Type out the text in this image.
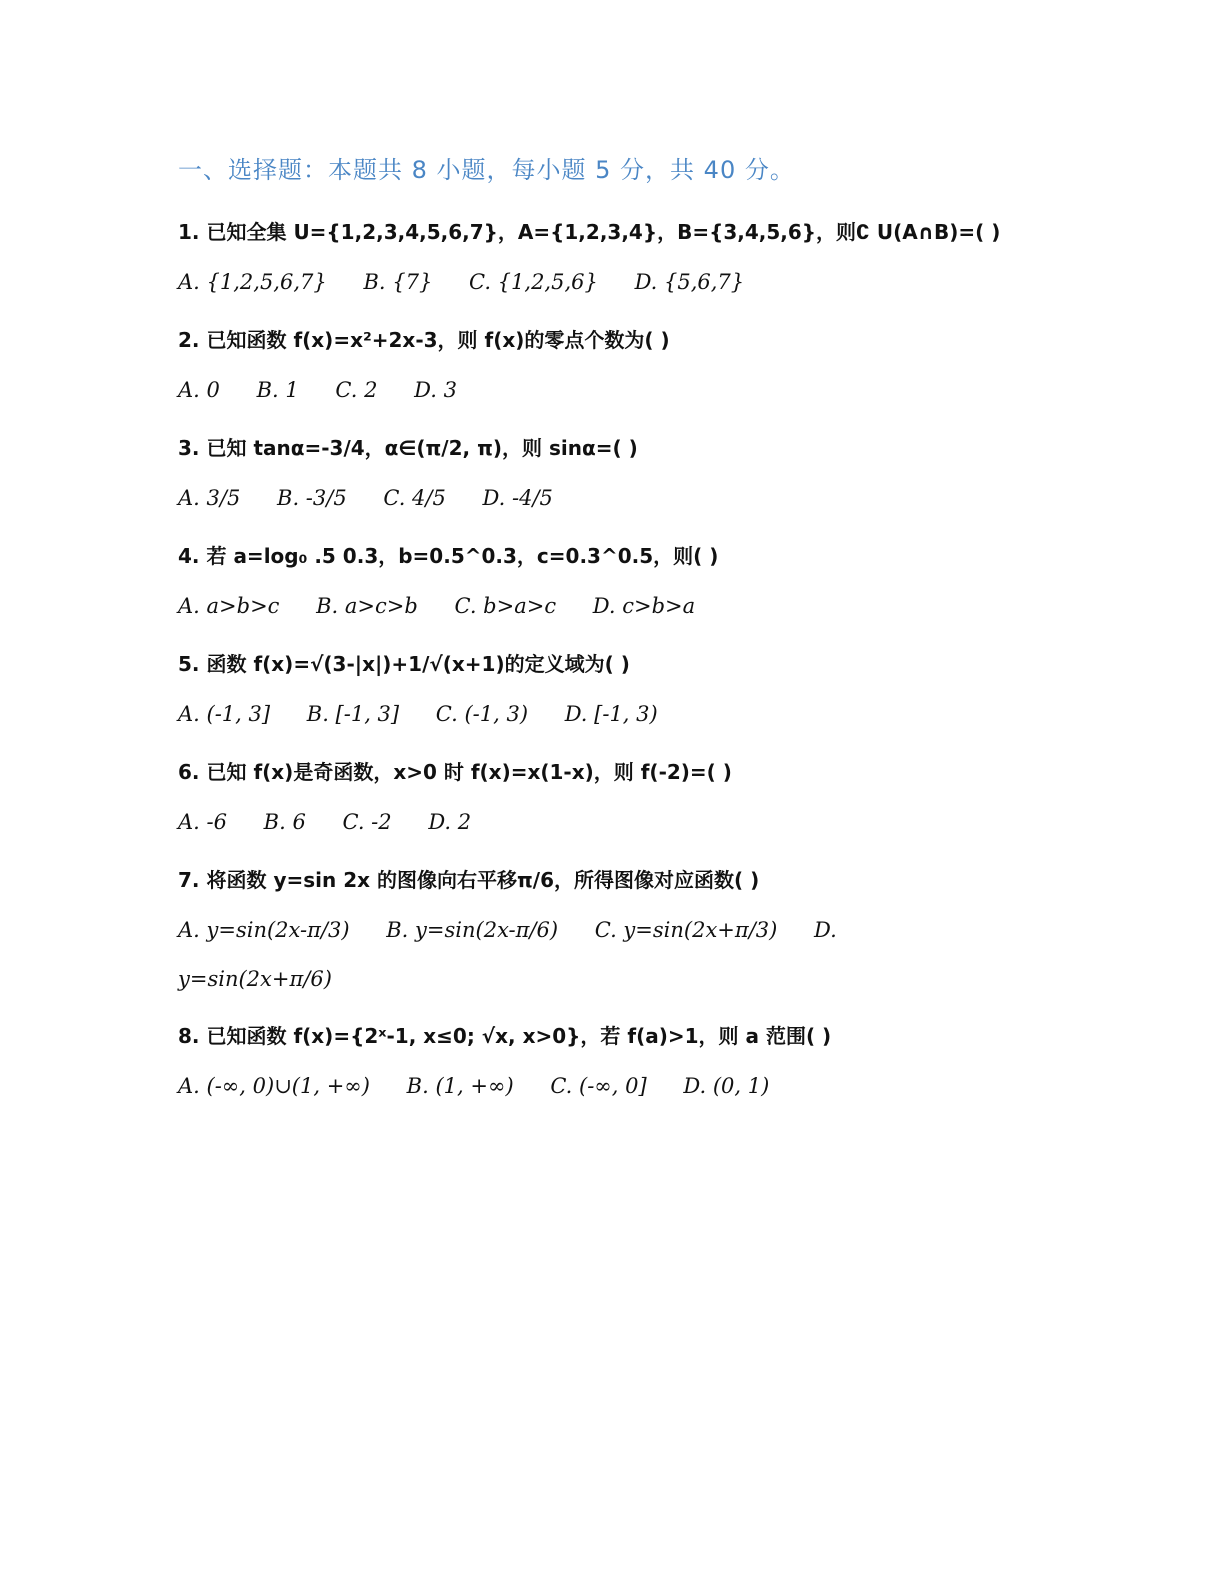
一、选择题：本题共 8 小题，每小题 5 分，共 40 分。
1. 已知全集 U={1,2,3,4,5,6,7}，A={1,2,3,4}，B={3,4,5,6}，则∁ U(A∩B)=( )
A. {1,2,5,6,7} B. {7} C. {1,2,5,6} D. {5,6,7}
2. 已知函数 f(x)=x²+2x-3，则 f(x)的零点个数为( )
A. 0 B. 1 C. 2 D. 3
3. 已知 tanα=-3/4，α∈(π/2, π)，则 sinα=( )
A. 3/5 B. -3/5 C. 4/5 D. -4/5
4. 若 a=log₀ .5 0.3，b=0.5^0.3，c=0.3^0.5，则( )
A. a>b>c B. a>c>b C. b>a>c D. c>b>a
5. 函数 f(x)=√(3-|x|)+1/√(x+1)的定义域为( )
A. (-1, 3] B. [-1, 3] C. (-1, 3) D. [-1, 3)
6. 已知 f(x)是奇函数，x>0 时 f(x)=x(1-x)，则 f(-2)=( )
A. -6 B. 6 C. -2 D. 2
7. 将函数 y=sin 2x 的图像向右平移π/6，所得图像对应函数( )
A. y=sin(2x-π/3) B. y=sin(2x-π/6) C. y=sin(2x+π/3) D.
y=sin(2x+π/6)
8. 已知函数 f(x)={2ˣ-1, x≤0; √x, x>0}，若 f(a)>1，则 a 范围( )
A. (-∞, 0)∪(1, +∞) B. (1, +∞) C. (-∞, 0] D. (0, 1)
